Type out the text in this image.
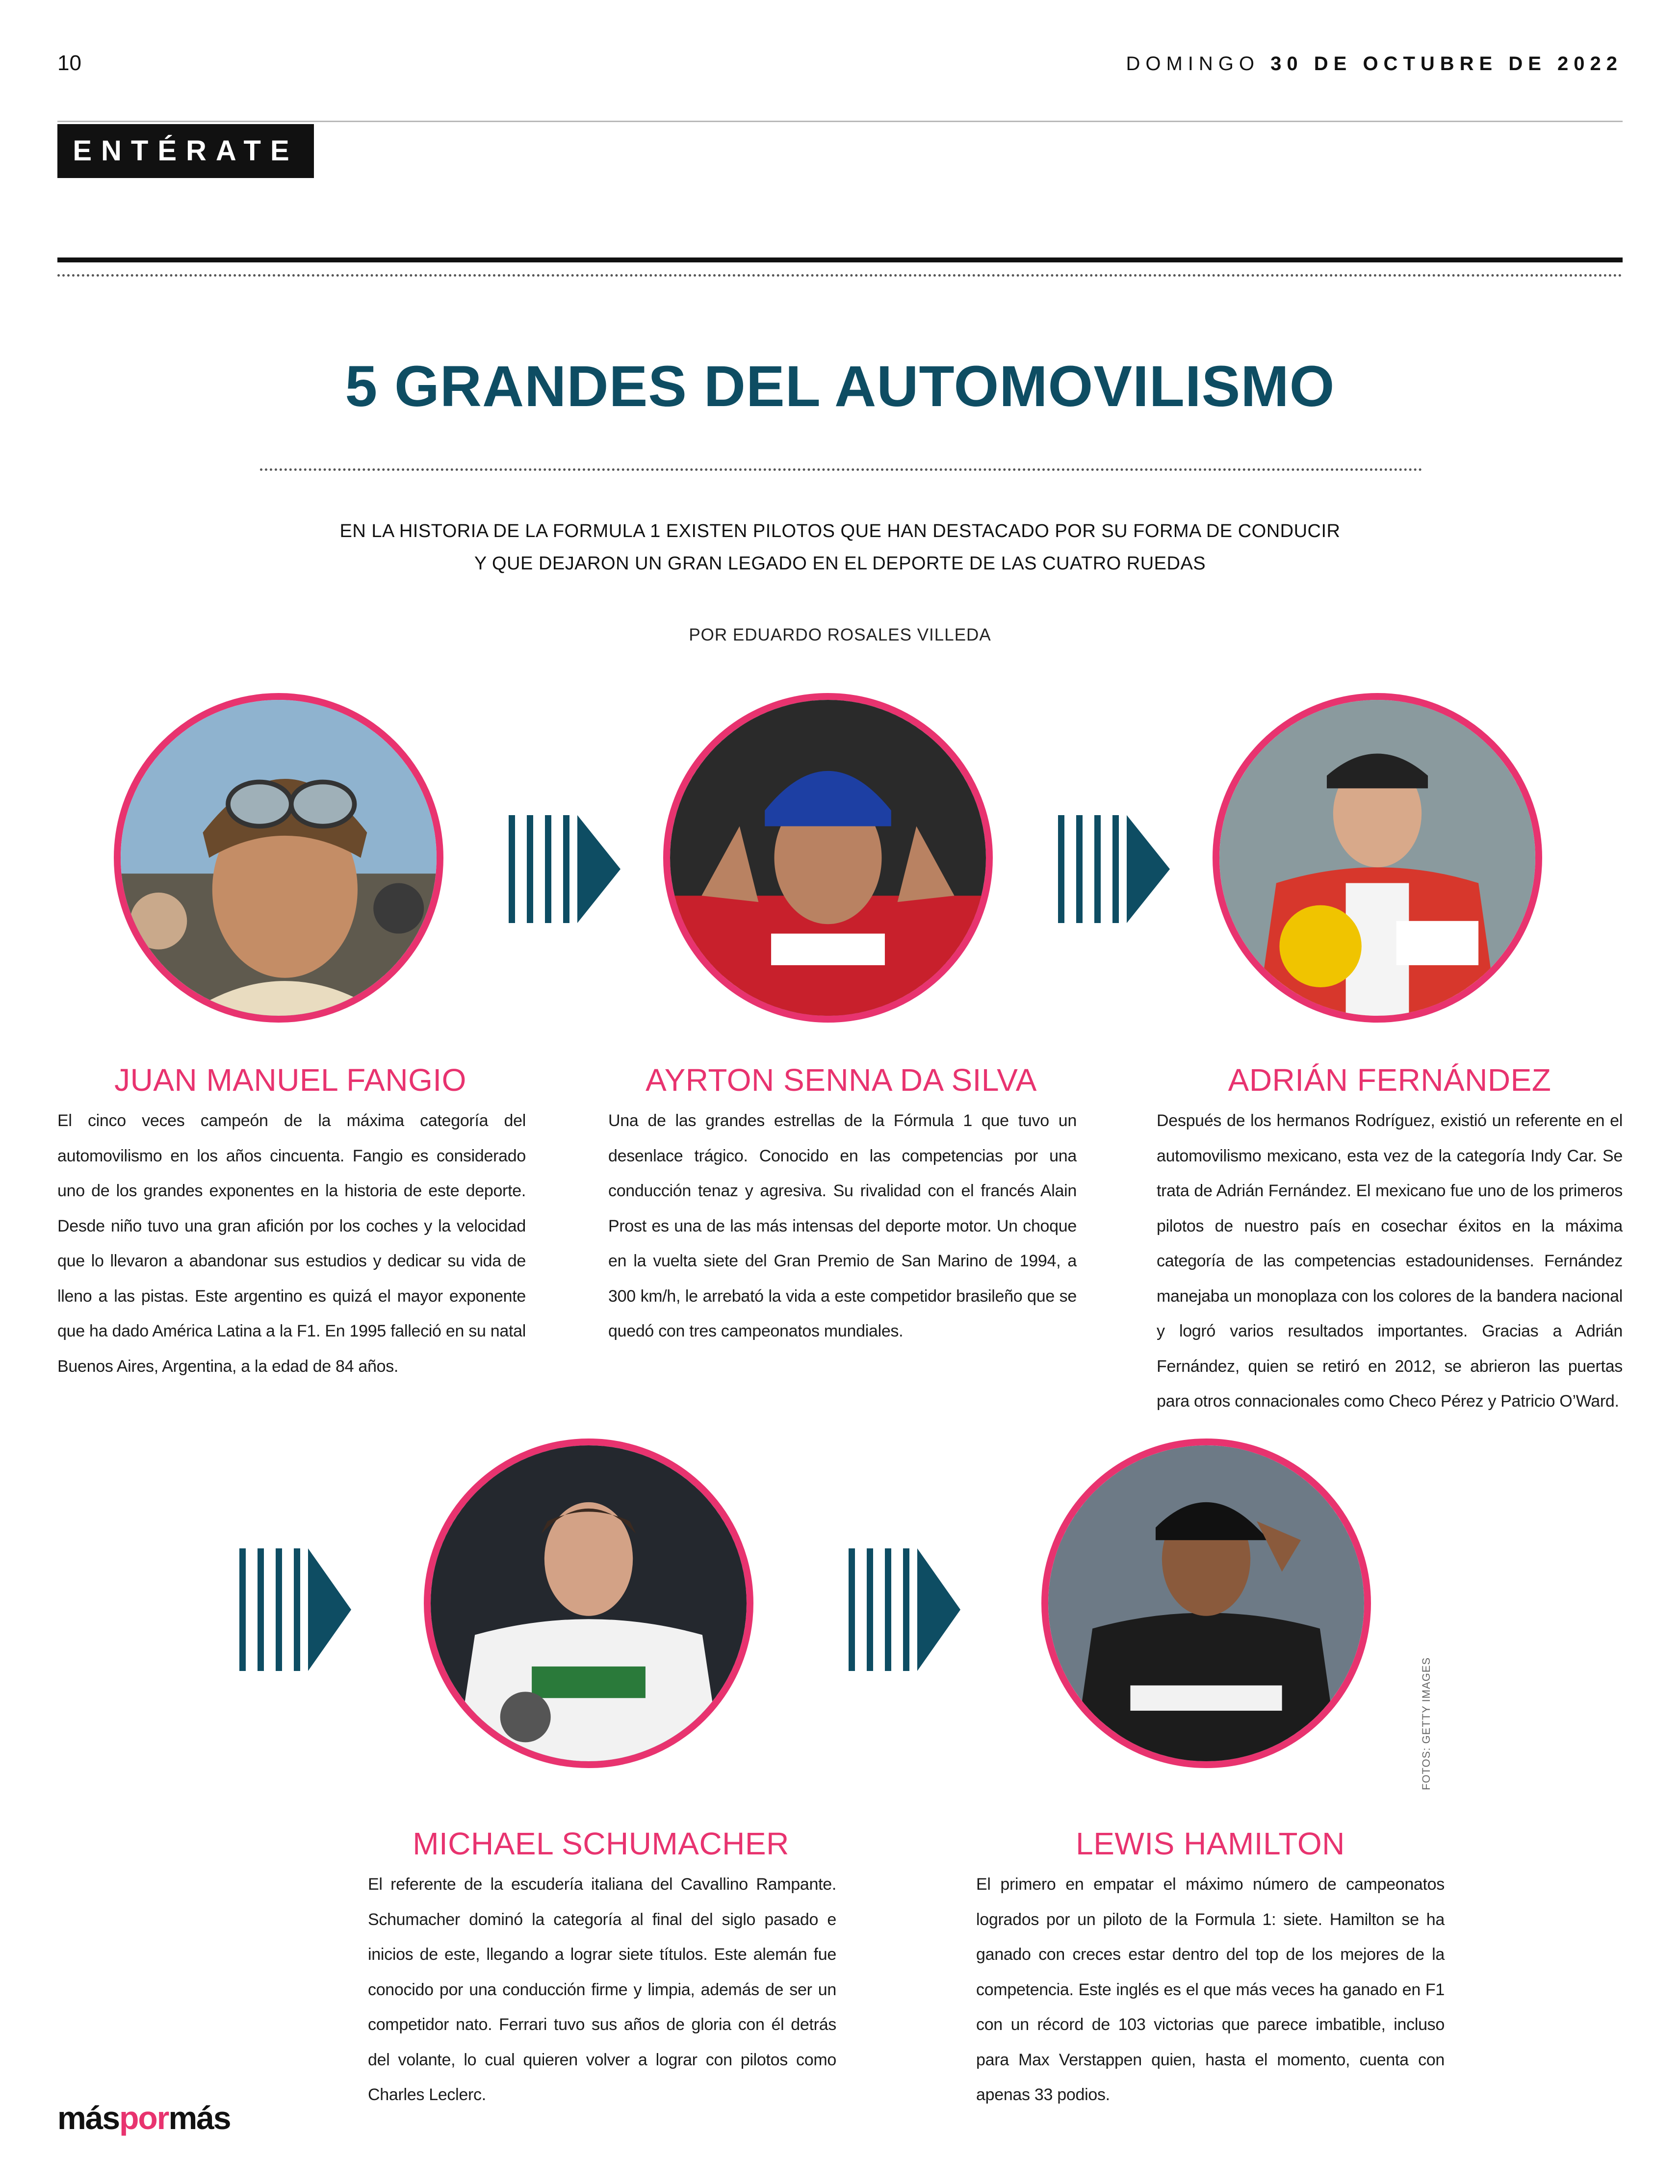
10	DOMINGO 30 DE OCTUBRE DE 2022
ENTÉRATE
5 GRANDES DEL AUTOMOVILISMO
EN LA HISTORIA DE LA FORMULA 1 EXISTEN PILOTOS QUE HAN DESTACADO POR SU FORMA DE CONDUCIR
Y QUE DEJARON UN GRAN LEGADO EN EL DEPORTE DE LAS CUATRO RUEDAS
POR EDUARDO ROSALES VILLEDA
JUAN MANUEL FANGIO
El cinco veces campeón de la máxima categoría del automovilismo en los años cincuenta. Fangio es considerado uno de los grandes exponentes en la historia de este deporte. Desde niño tuvo una gran afición por los coches y la velocidad que lo llevaron a abandonar sus estudios y dedicar su vida de lleno a las pistas. Este argentino es quizá el mayor exponente que ha dado América Latina a la F1. En 1995 falleció en su natal Buenos Aires, Argentina, a la edad de 84 años.
AYRTON SENNA DA SILVA
Una de las grandes estrellas de la Fórmula 1 que tuvo un desenlace trágico. Conocido en las competencias por una conducción tenaz y agresiva. Su rivalidad con el francés Alain Prost es una de las más intensas del deporte motor. Un choque en la vuelta siete del Gran Premio de San Marino de 1994, a 300 km/h, le arrebató la vida a este competidor brasileño que se quedó con tres campeonatos mundiales.
ADRIÁN FERNÁNDEZ
Después de los hermanos Rodríguez, existió un referente en el automovilismo mexicano, esta vez de la categoría Indy Car. Se trata de Adrián Fernández. El mexicano fue uno de los primeros pilotos de nuestro país en cosechar éxitos en la máxima categoría de las competencias estadounidenses. Fernández manejaba un monoplaza con los colores de la bandera nacional y logró varios resultados importantes. Gracias a Adrián Fernández, quien se retiró en 2012, se abrieron las puertas para otros connacionales como Checo Pérez y Patricio O’Ward.
MICHAEL SCHUMACHER
El referente de la escudería italiana del Cavallino Rampante. Schumacher dominó la categoría al final del siglo pasado e inicios de este, llegando a lograr siete títulos. Este alemán fue conocido por una conducción firme y limpia, además de ser un competidor nato. Ferrari tuvo sus años de gloria con él detrás del volante, lo cual quieren volver a lograr con pilotos como Charles Leclerc.
LEWIS HAMILTON
El primero en empatar el máximo número de campeonatos logrados por un piloto de la Formula 1: siete. Hamilton se ha ganado con creces estar dentro del top de los mejores de la competencia. Este inglés es el que más veces ha ganado en F1 con un récord de 103 victorias que parece imbatible, incluso para Max Verstappen quien, hasta el momento, cuenta con apenas 33 podios.
FOTOS: GETTY IMAGES
máspormás
